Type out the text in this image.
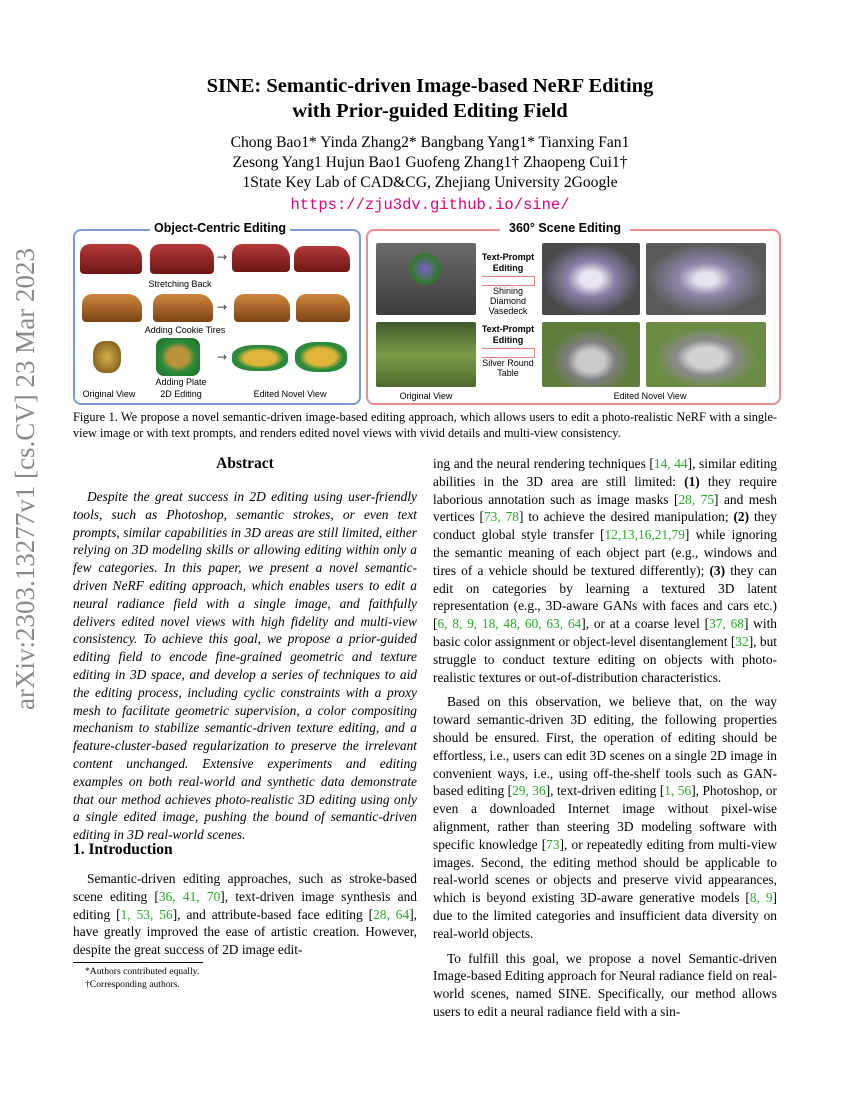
arXiv:2303.13277v1 [cs.CV] 23 Mar 2023
SINE: Semantic-driven Image-based NeRF Editing
with Prior-guided Editing Field
Chong Bao1* Yinda Zhang2* Bangbang Yang1* Tianxing Fan1
Zesong Yang1 Hujun Bao1 Guofeng Zhang1† Zhaopeng Cui1†
1State Key Lab of CAD&CG, Zhejiang University 2Google
https://zju3dv.github.io/sine/
Object-Centric Editing
→
Stretching Back
→
Adding Cookie Tires
→
Adding Plate
Original View	2D Editing	Edited Novel View
360° Scene Editing
Text-Prompt Editing
Shining Diamond Vasedeck
Text-Prompt Editing
Silver Round Table
Original View	Edited Novel View
Figure 1. We propose a novel semantic-driven image-based editing approach, which allows users to edit a photo-realistic NeRF with a single-view image or with text prompts, and renders edited novel views with vivid details and multi-view consistency.
Abstract
Despite the great success in 2D editing using user-friendly tools, such as Photoshop, semantic strokes, or even text prompts, similar capabilities in 3D areas are still limited, either relying on 3D modeling skills or allowing editing within only a few categories. In this paper, we present a novel semantic-driven NeRF editing approach, which enables users to edit a neural radiance field with a single image, and faithfully delivers edited novel views with high fidelity and multi-view consistency. To achieve this goal, we propose a prior-guided editing field to encode fine-grained geometric and texture editing in 3D space, and develop a series of techniques to aid the editing process, including cyclic constraints with a proxy mesh to facilitate geometric supervision, a color compositing mechanism to stabilize semantic-driven texture editing, and a feature-cluster-based regularization to preserve the irrelevant content unchanged. Extensive experiments and editing examples on both real-world and synthetic data demonstrate that our method achieves photo-realistic 3D editing using only a single edited image, pushing the bound of semantic-driven editing in 3D real-world scenes.
1. Introduction
Semantic-driven editing approaches, such as stroke-based scene editing [36, 41, 70], text-driven image synthesis and editing [1, 53, 56], and attribute-based face editing [28, 64], have greatly improved the ease of artistic creation. However, despite the great success of 2D image edit-

*Authors contributed equally.

†Corresponding authors.

ing and the neural rendering techniques [14, 44], similar editing abilities in the 3D area are still limited: (1) they require laborious annotation such as image masks [28, 75] and mesh vertices [73, 78] to achieve the desired manipulation; (2) they conduct global style transfer [12,13,16,21,79] while ignoring the semantic meaning of each object part (e.g., windows and tires of a vehicle should be textured differently); (3) they can edit on categories by learning a textured 3D latent representation (e.g., 3D-aware GANs with faces and cars etc.) [6, 8, 9, 18, 48, 60, 63, 64], or at a coarse level [37, 68] with basic color assignment or object-level disentanglement [32], but struggle to conduct texture editing on objects with photo-realistic textures or out-of-distribution characteristics.

Based on this observation, we believe that, on the way toward semantic-driven 3D editing, the following properties should be ensured. First, the operation of editing should be effortless, i.e., users can edit 3D scenes on a single 2D image in convenient ways, i.e., using off-the-shelf tools such as GAN-based editing [29, 36], text-driven editing [1, 56], Photoshop, or even a downloaded Internet image without pixel-wise alignment, rather than steering 3D modeling software with specific knowledge [73], or repeatedly editing from multi-view images. Second, the editing method should be applicable to real-world scenes or objects and preserve vivid appearances, which is beyond existing 3D-aware generative models [8, 9] due to the limited categories and insufficient data diversity on real-world objects.

To fulfill this goal, we propose a novel Semantic-driven Image-based Editing approach for Neural radiance field on real-world scenes, named SINE. Specifically, our method allows users to edit a neural radiance field with a sin-
